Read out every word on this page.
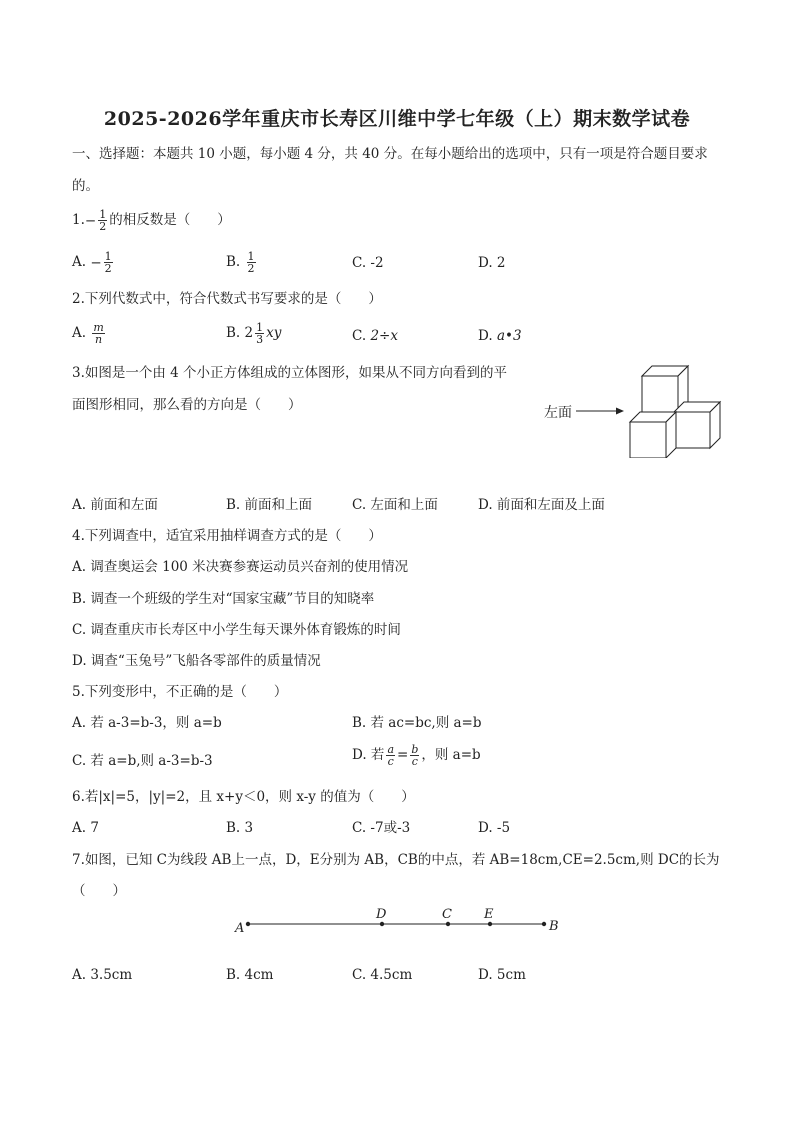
2025-2026学年重庆市长寿区川维中学七年级（上）期末数学试卷
一、选择题：本题共 10 小题，每小题 4 分，共 40 分。在每小题给出的选项中，只有一项是符合题目要求
的。
$1.- \frac{1}{2}$ 的相反数是（　　）
A. − $\frac{1}{2}$	B. $\frac{1}{2}$	C. -2	D. 2
2.下列代数式中，符合代数式书写要求的是（　　）
A. $\frac{m}{n}$	B. $2 \frac{1}{3}$ xy	C. 2÷x	D. a•3
3.如图是一个由 4 个小正方体组成的立体图形，如果从不同方向看到的平
面图形相同，那么看的方向是（　　）	左面
A. 前面和左面	B. 前面和上面	C. 左面和上面	D. 前面和左面及上面
4.下列调查中，适宜采用抽样调查方式的是（　　）
A. 调查奥运会 100 米决赛参赛运动员兴奋剂的使用情况
B. 调查一个班级的学生对“国家宝藏”节目的知晓率
C. 调查重庆市长寿区中小学生每天课外体育锻炼的时间
D. 调查“玉兔号”飞船各零部件的质量情况
5.下列变形中，不正确的是（　　）
A. 若 a-3=b-3，则 a=b	B. 若 ac=bc,则 a=b
C. 若 a=b,则 a-3=b-3	D. 若 $\frac{a}{c} = \frac{b}{c}$ ，则 a=b
6.若|x|=5，|y|=2，且 x+y＜0，则 x-y 的值为（　　）
A. 7	B. 3	C. -7或-3	D. -5
7.如图，已知 C为线段 AB上一点，D，E分别为 AB，CB的中点，若 AB=18cm,CE=2.5cm,则 DC的长为
（　　）
A
D	C E
B
A. 3.5cm	B. 4cm	C. 4.5cm	D. 5cm
